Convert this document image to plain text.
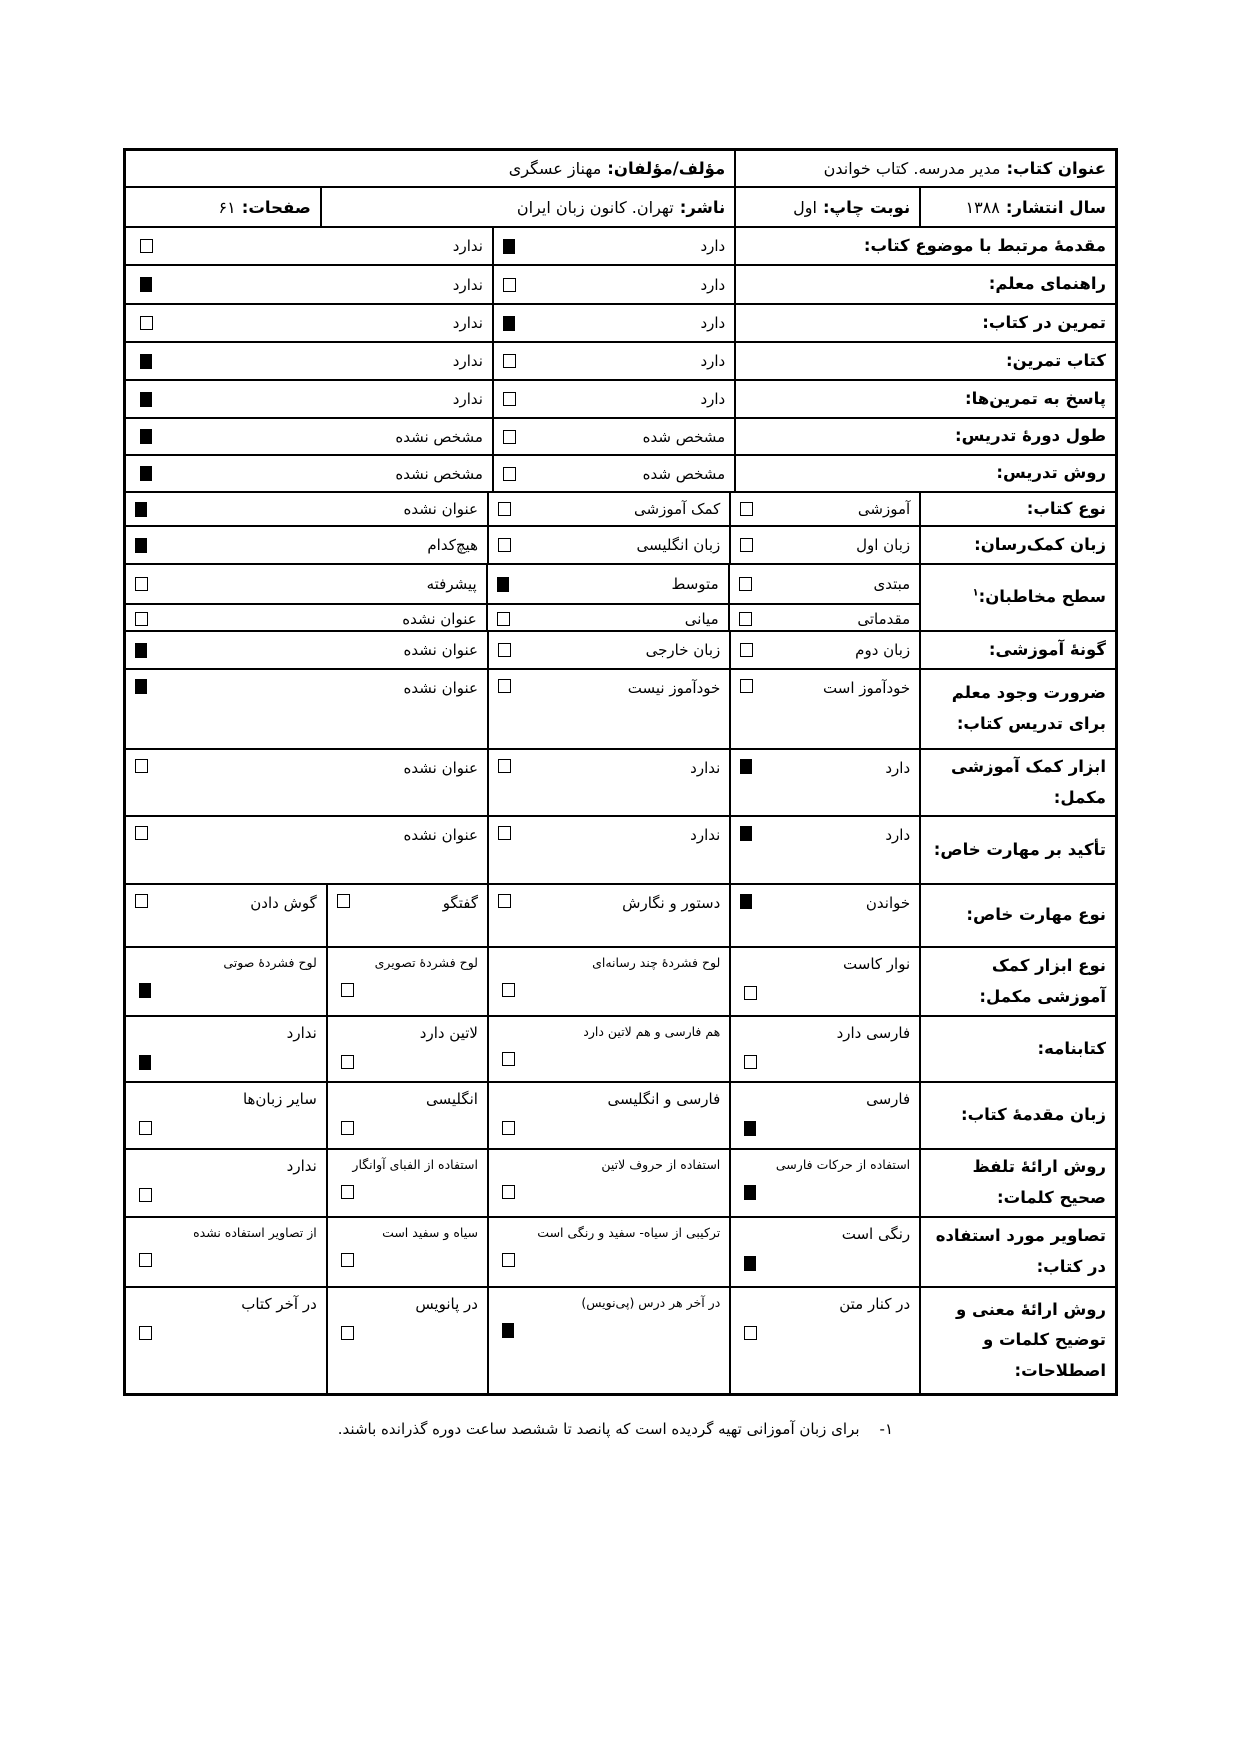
عنوان کتاب:مدیر مدرسه. کتاب خواندن
مؤلف/مؤلفان:مهناز عسگری
سال انتشار:۱۳۸۸
نوبت چاپ:اول
ناشر:تهران. کانون زبان ایران
صفحات:۶۱
مقدمهٔ مرتبط با موضوع کتاب:
دارد
ندارد
راهنمای معلم:
دارد
ندارد
تمرین در کتاب:
دارد
ندارد
کتاب تمرین:
دارد
ندارد
پاسخ به تمرین‌ها:
دارد
ندارد
طول دورهٔ تدریس:
مشخص شده
مشخص نشده
روش تدریس:
مشخص شده
مشخص نشده
نوع کتاب:
آموزشی
کمک آموزشی
عنوان نشده
زبان کمک‌رسان:
زبان اول
زبان انگلیسی
هیچ‌کدام
سطح مخاطبان:$^۱$
مبتدی
متوسط
پیشرفته
مقدماتی
میانی
عنوان نشده
گونهٔ آموزشی:
زبان دوم
زبان خارجی
عنوان نشده
ضرورت وجود معلم برای تدریس کتاب:
خودآموز است
خودآموز نیست
عنوان نشده
ابزار کمک آموزشی مکمل:
دارد
ندارد
عنوان نشده
تأکید بر مهارت خاص:
دارد
ندارد
عنوان نشده
نوع مهارت خاص:
خواندن
دستور و نگارش
گفتگو
گوش دادن
نوع ابزار کمک آموزشی مکمل:
نوار کاست
لوح فشردهٔ چند رسانه‌ای
لوح فشردهٔ تصویری
لوح فشردهٔ صوتی
کتابنامه:
فارسی دارد
هم فارسی و هم لاتین دارد
لاتین دارد
ندارد
زبان مقدمهٔ کتاب:
فارسی
فارسی و انگلیسی
انگلیسی
سایر زبان‌ها
روش ارائهٔ تلفظ صحیح کلمات:
استفاده از حرکات فارسی
استفاده از حروف لاتین
استفاده از الفبای آوانگار
ندارد
تصاویر مورد استفاده در کتاب:
رنگی است
ترکیبی از سیاه- سفید و رنگی است
سیاه و سفید است
از تصاویر استفاده نشده
روش ارائهٔ معنی و توضیح کلمات و اصطلاحات:
در کنار متن
در آخر هر درس (پی‌نویس)
در پانویس
در آخر کتاب
۱-برای زبان آموزانی تهیه گردیده است که پانصد تا ششصد ساعت دوره گذرانده باشند.
